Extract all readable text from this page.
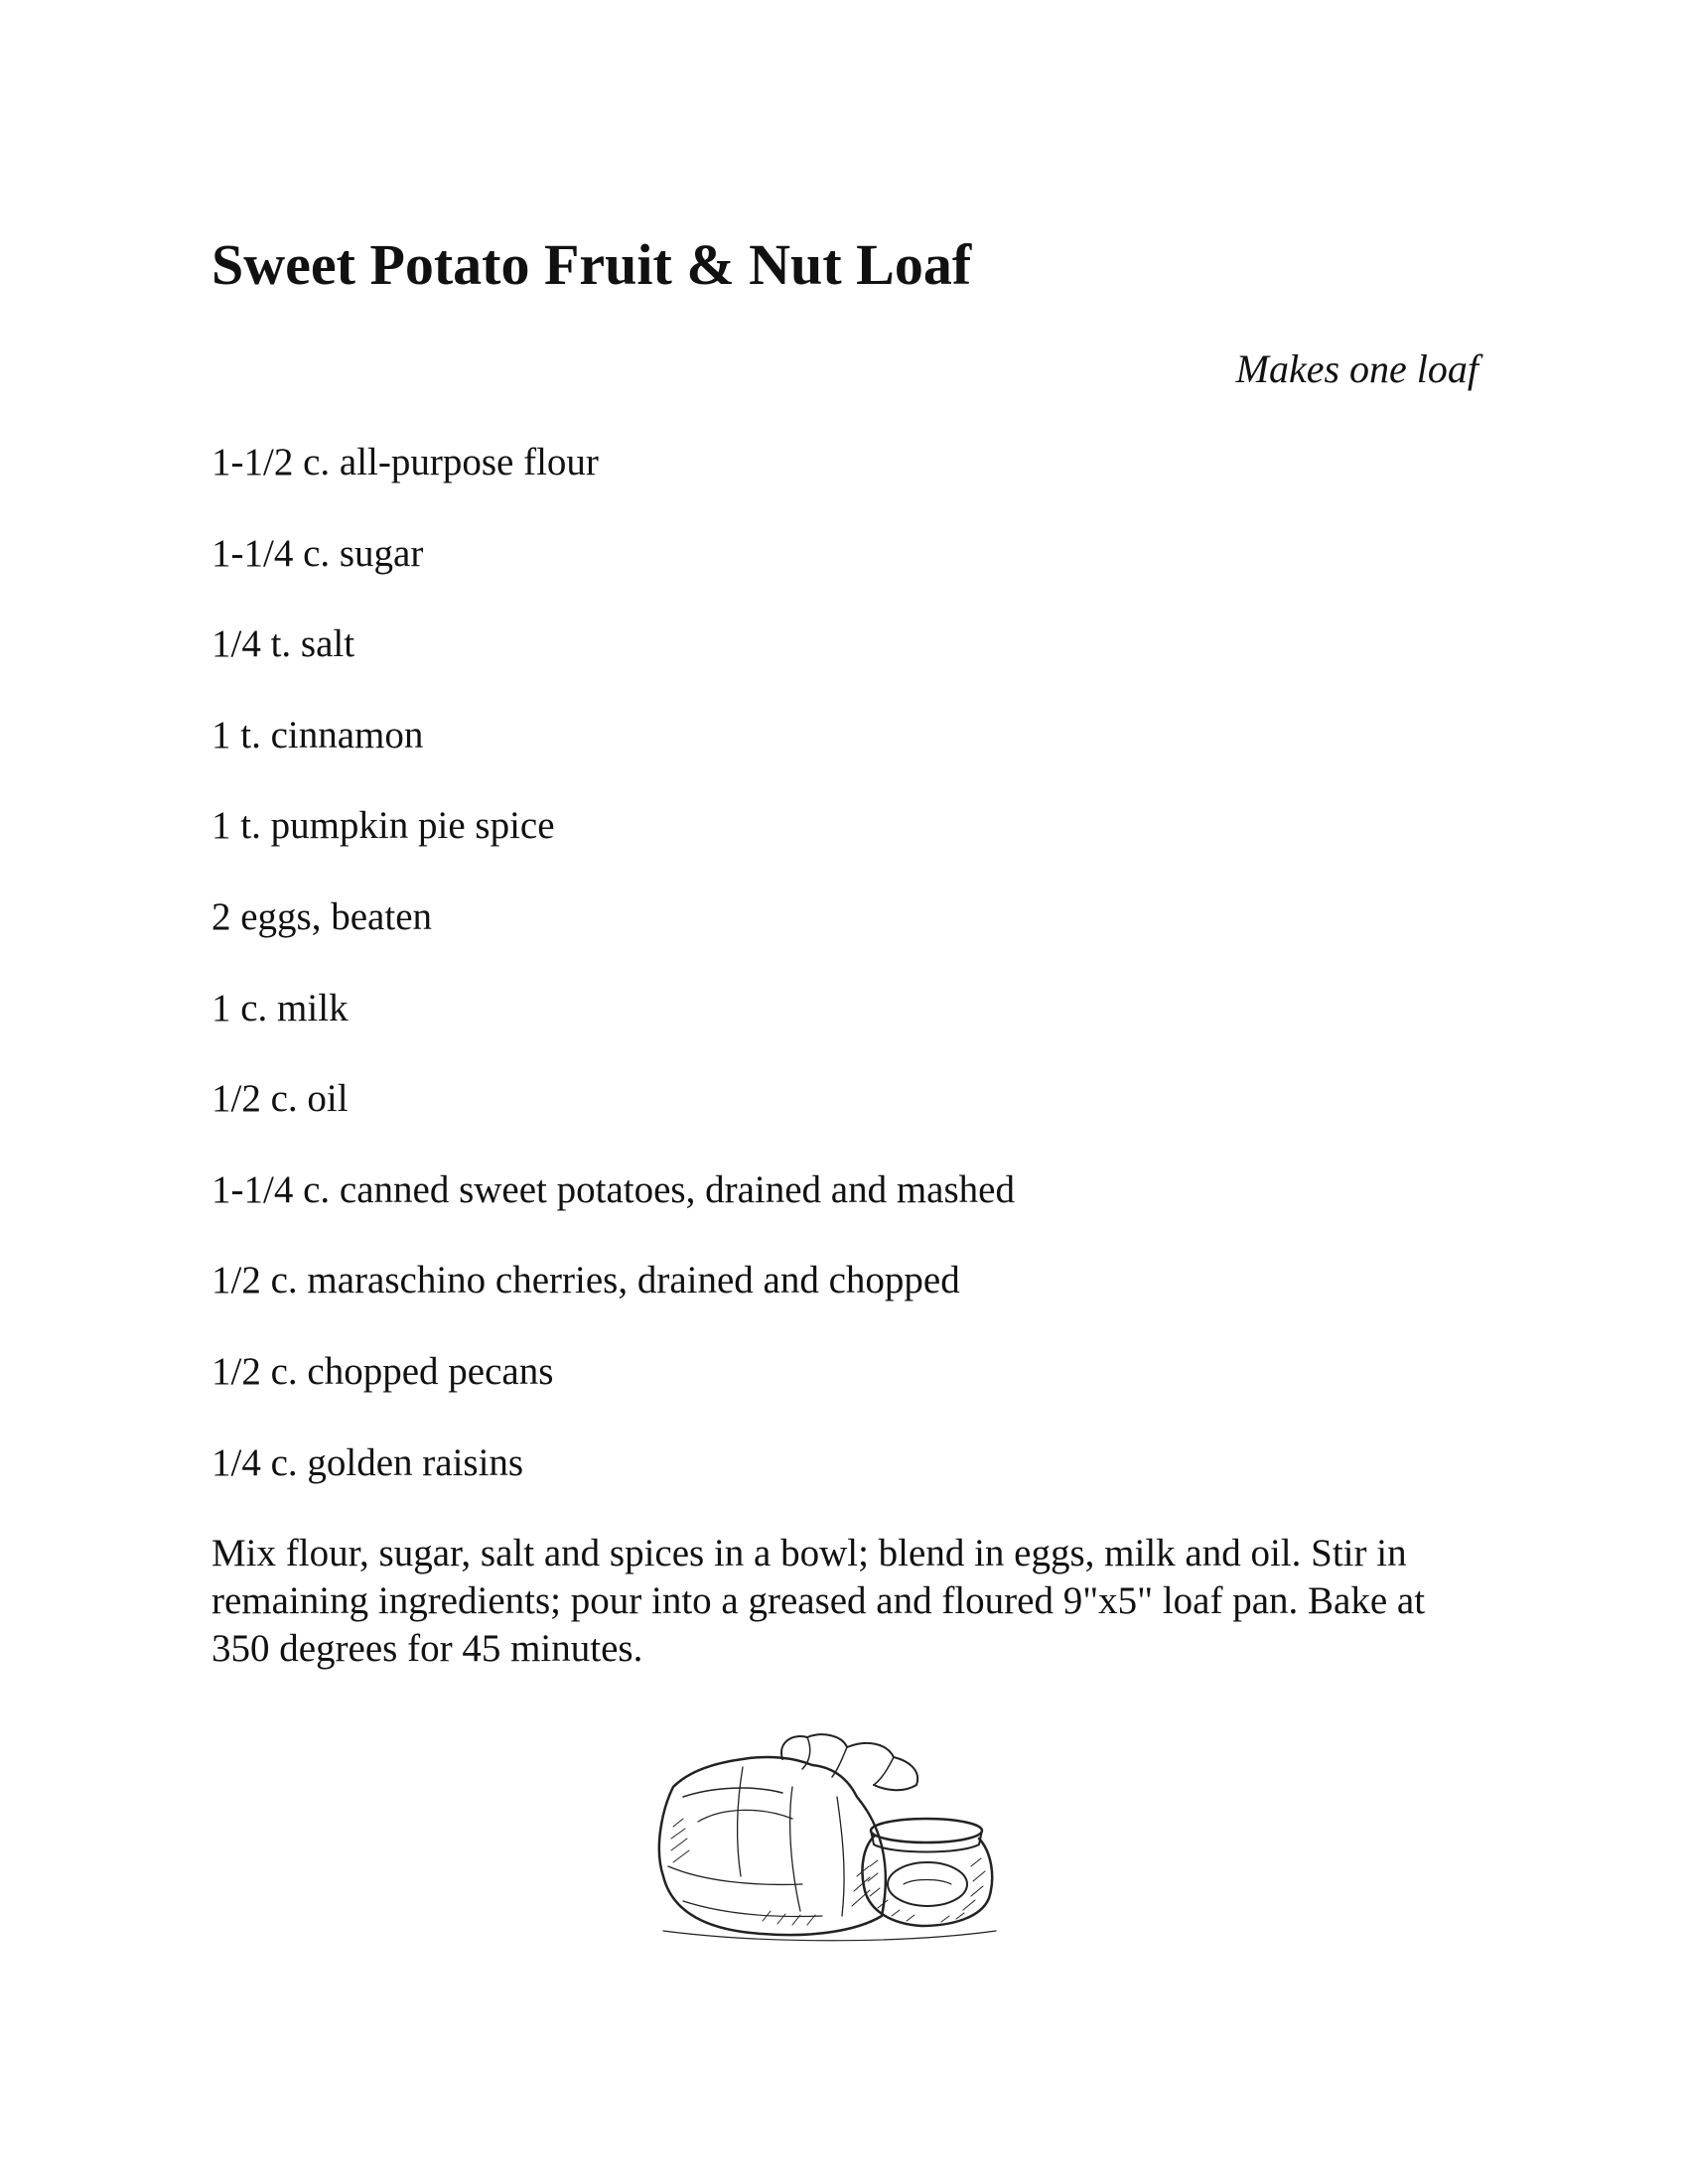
Sweet Potato Fruit & Nut Loaf
Makes one loaf
1-1/2 c. all-purpose flour
1-1/4 c. sugar
1/4 t. salt
1 t. cinnamon
1 t. pumpkin pie spice
2 eggs, beaten
1 c. milk
1/2 c. oil
1-1/4 c. canned sweet potatoes, drained and mashed
1/2 c. maraschino cherries, drained and chopped
1/2 c. chopped pecans
1/4 c. golden raisins

Mix flour, sugar, salt and spices in a bowl; blend in eggs, milk and oil. Stir in remaining ingredients; pour into a greased and floured 9"x5" loaf pan. Bake at 350 degrees for 45 minutes.
